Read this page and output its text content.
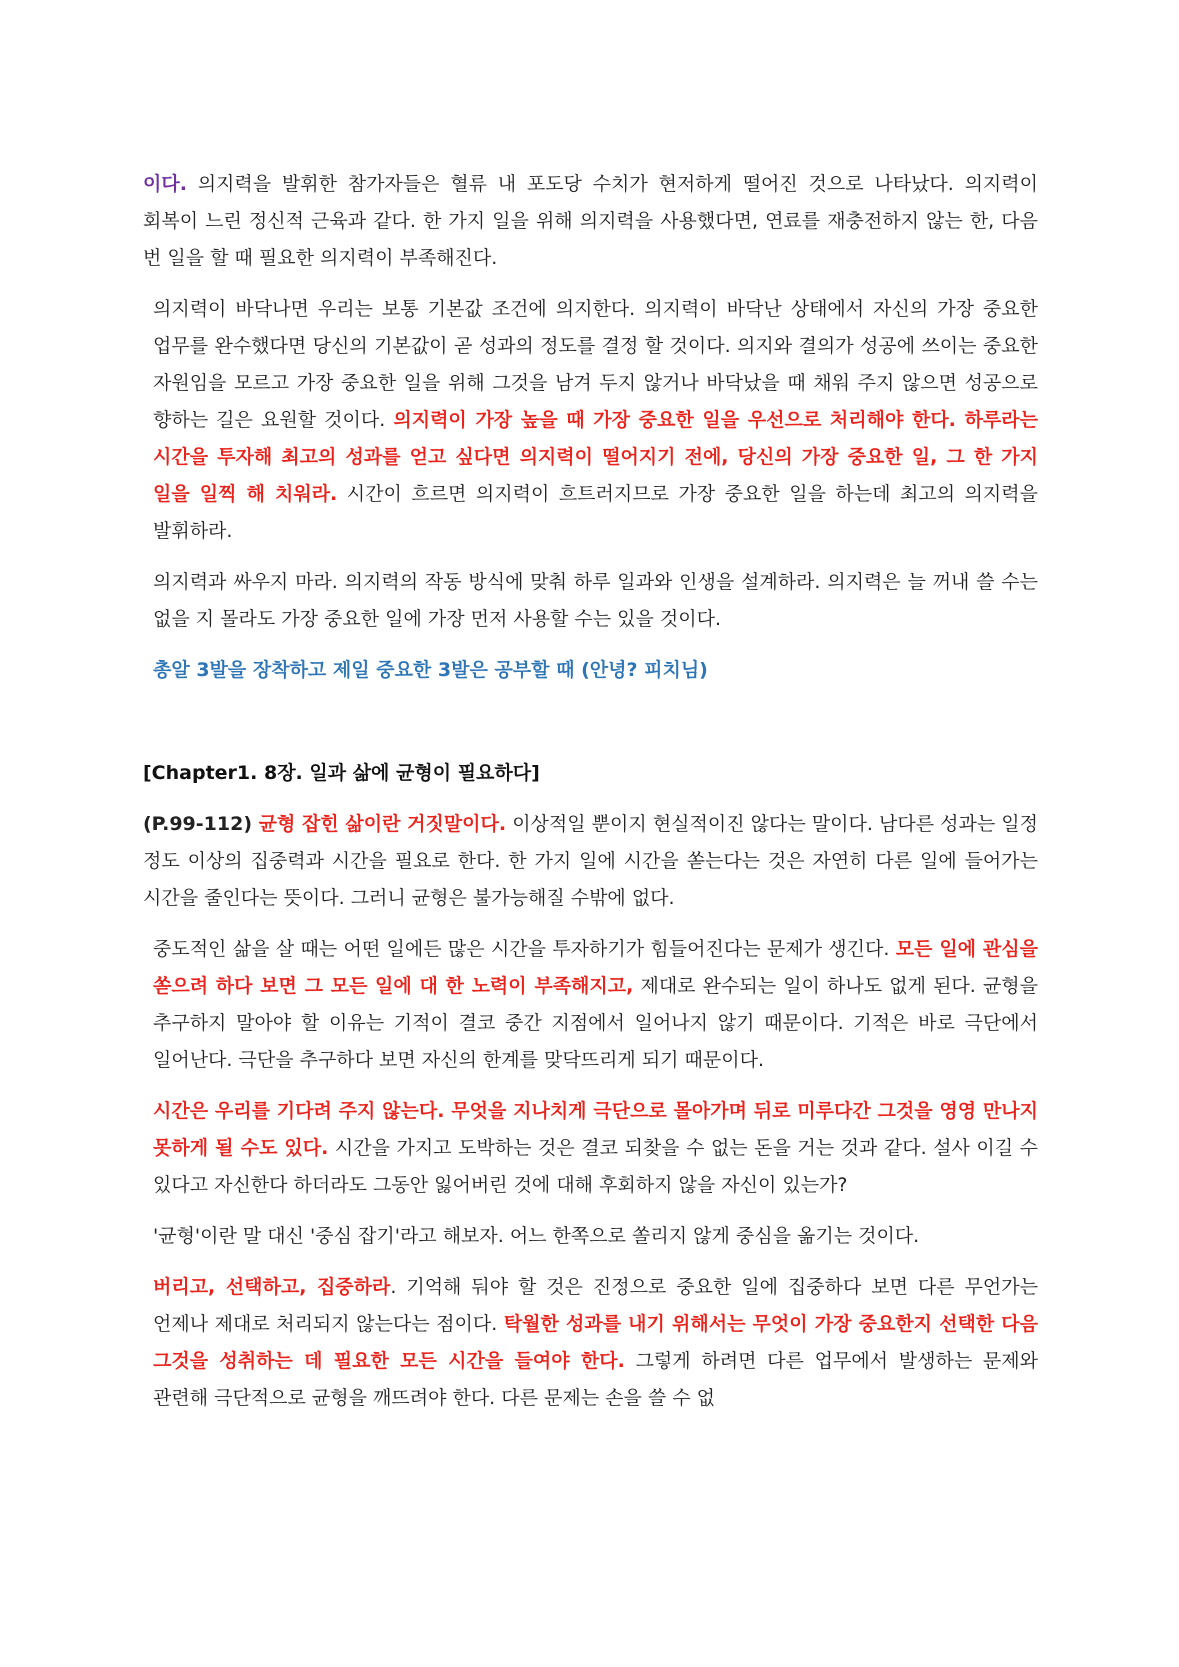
이다. 의지력을 발휘한 참가자들은 혈류 내 포도당 수치가 현저하게 떨어진 것으로 나타났다. 의지력이 회복이 느린 정신적 근육과 같다. 한 가지 일을 위해 의지력을 사용했다면, 연료를 재충전하지 않는 한, 다음 번 일을 할 때 필요한 의지력이 부족해진다.

의지력이 바닥나면 우리는 보통 기본값 조건에 의지한다. 의지력이 바닥난 상태에서 자신의 가장 중요한 업무를 완수했다면 당신의 기본값이 곧 성과의 정도를 결정 할 것이다. 의지와 결의가 성공에 쓰이는 중요한 자원임을 모르고 가장 중요한 일을 위해 그것을 남겨 두지 않거나 바닥났을 때 채워 주지 않으면 성공으로 향하는 길은 요원할 것이다. 의지력이 가장 높을 때 가장 중요한 일을 우선으로 처리해야 한다. 하루라는 시간을 투자해 최고의 성과를 얻고 싶다면 의지력이 떨어지기 전에, 당신의 가장 중요한 일, 그 한 가지 일을 일찍 해 치워라. 시간이 흐르면 의지력이 흐트러지므로 가장 중요한 일을 하는데 최고의 의지력을 발휘하라.

의지력과 싸우지 마라. 의지력의 작동 방식에 맞춰 하루 일과와 인생을 설계하라. 의지력은 늘 꺼내 쓸 수는 없을 지 몰라도 가장 중요한 일에 가장 먼저 사용할 수는 있을 것이다.

총알 3발을 장착하고 제일 중요한 3발은 공부할 때 (안녕? 피치님)
[Chapter1. 8장. 일과 삶에 균형이 필요하다]

(P.99-112) 균형 잡힌 삶이란 거짓말이다. 이상적일 뿐이지 현실적이진 않다는 말이다. 남다른 성과는 일정 정도 이상의 집중력과 시간을 필요로 한다. 한 가지 일에 시간을 쏟는다는 것은 자연히 다른 일에 들어가는 시간을 줄인다는 뜻이다. 그러니 균형은 불가능해질 수밖에 없다.

중도적인 삶을 살 때는 어떤 일에든 많은 시간을 투자하기가 힘들어진다는 문제가 생긴다. 모든 일에 관심을 쏟으려 하다 보면 그 모든 일에 대 한 노력이 부족해지고, 제대로 완수되는 일이 하나도 없게 된다. 균형을 추구하지 말아야 할 이유는 기적이 결코 중간 지점에서 일어나지 않기 때문이다. 기적은 바로 극단에서 일어난다. 극단을 추구하다 보면 자신의 한계를 맞닥뜨리게 되기 때문이다.

시간은 우리를 기다려 주지 않는다. 무엇을 지나치게 극단으로 몰아가며 뒤로 미루다간 그것을 영영 만나지 못하게 될 수도 있다. 시간을 가지고 도박하는 것은 결코 되찾을 수 없는 돈을 거는 것과 같다. 설사 이길 수 있다고 자신한다 하더라도 그동안 잃어버린 것에 대해 후회하지 않을 자신이 있는가?

'균형'이란 말 대신 '중심 잡기'라고 해보자. 어느 한쪽으로 쏠리지 않게 중심을 옮기는 것이다.

버리고, 선택하고, 집중하라. 기억해 둬야 할 것은 진정으로 중요한 일에 집중하다 보면 다른 무언가는 언제나 제대로 처리되지 않는다는 점이다. 탁월한 성과를 내기 위해서는 무엇이 가장 중요한지 선택한 다음 그것을 성취하는 데 필요한 모든 시간을 들여야 한다. 그렇게 하려면 다른 업무에서 발생하는 문제와 관련해 극단적으로 균형을 깨뜨려야 한다. 다른 문제는 손을 쓸 수 없
